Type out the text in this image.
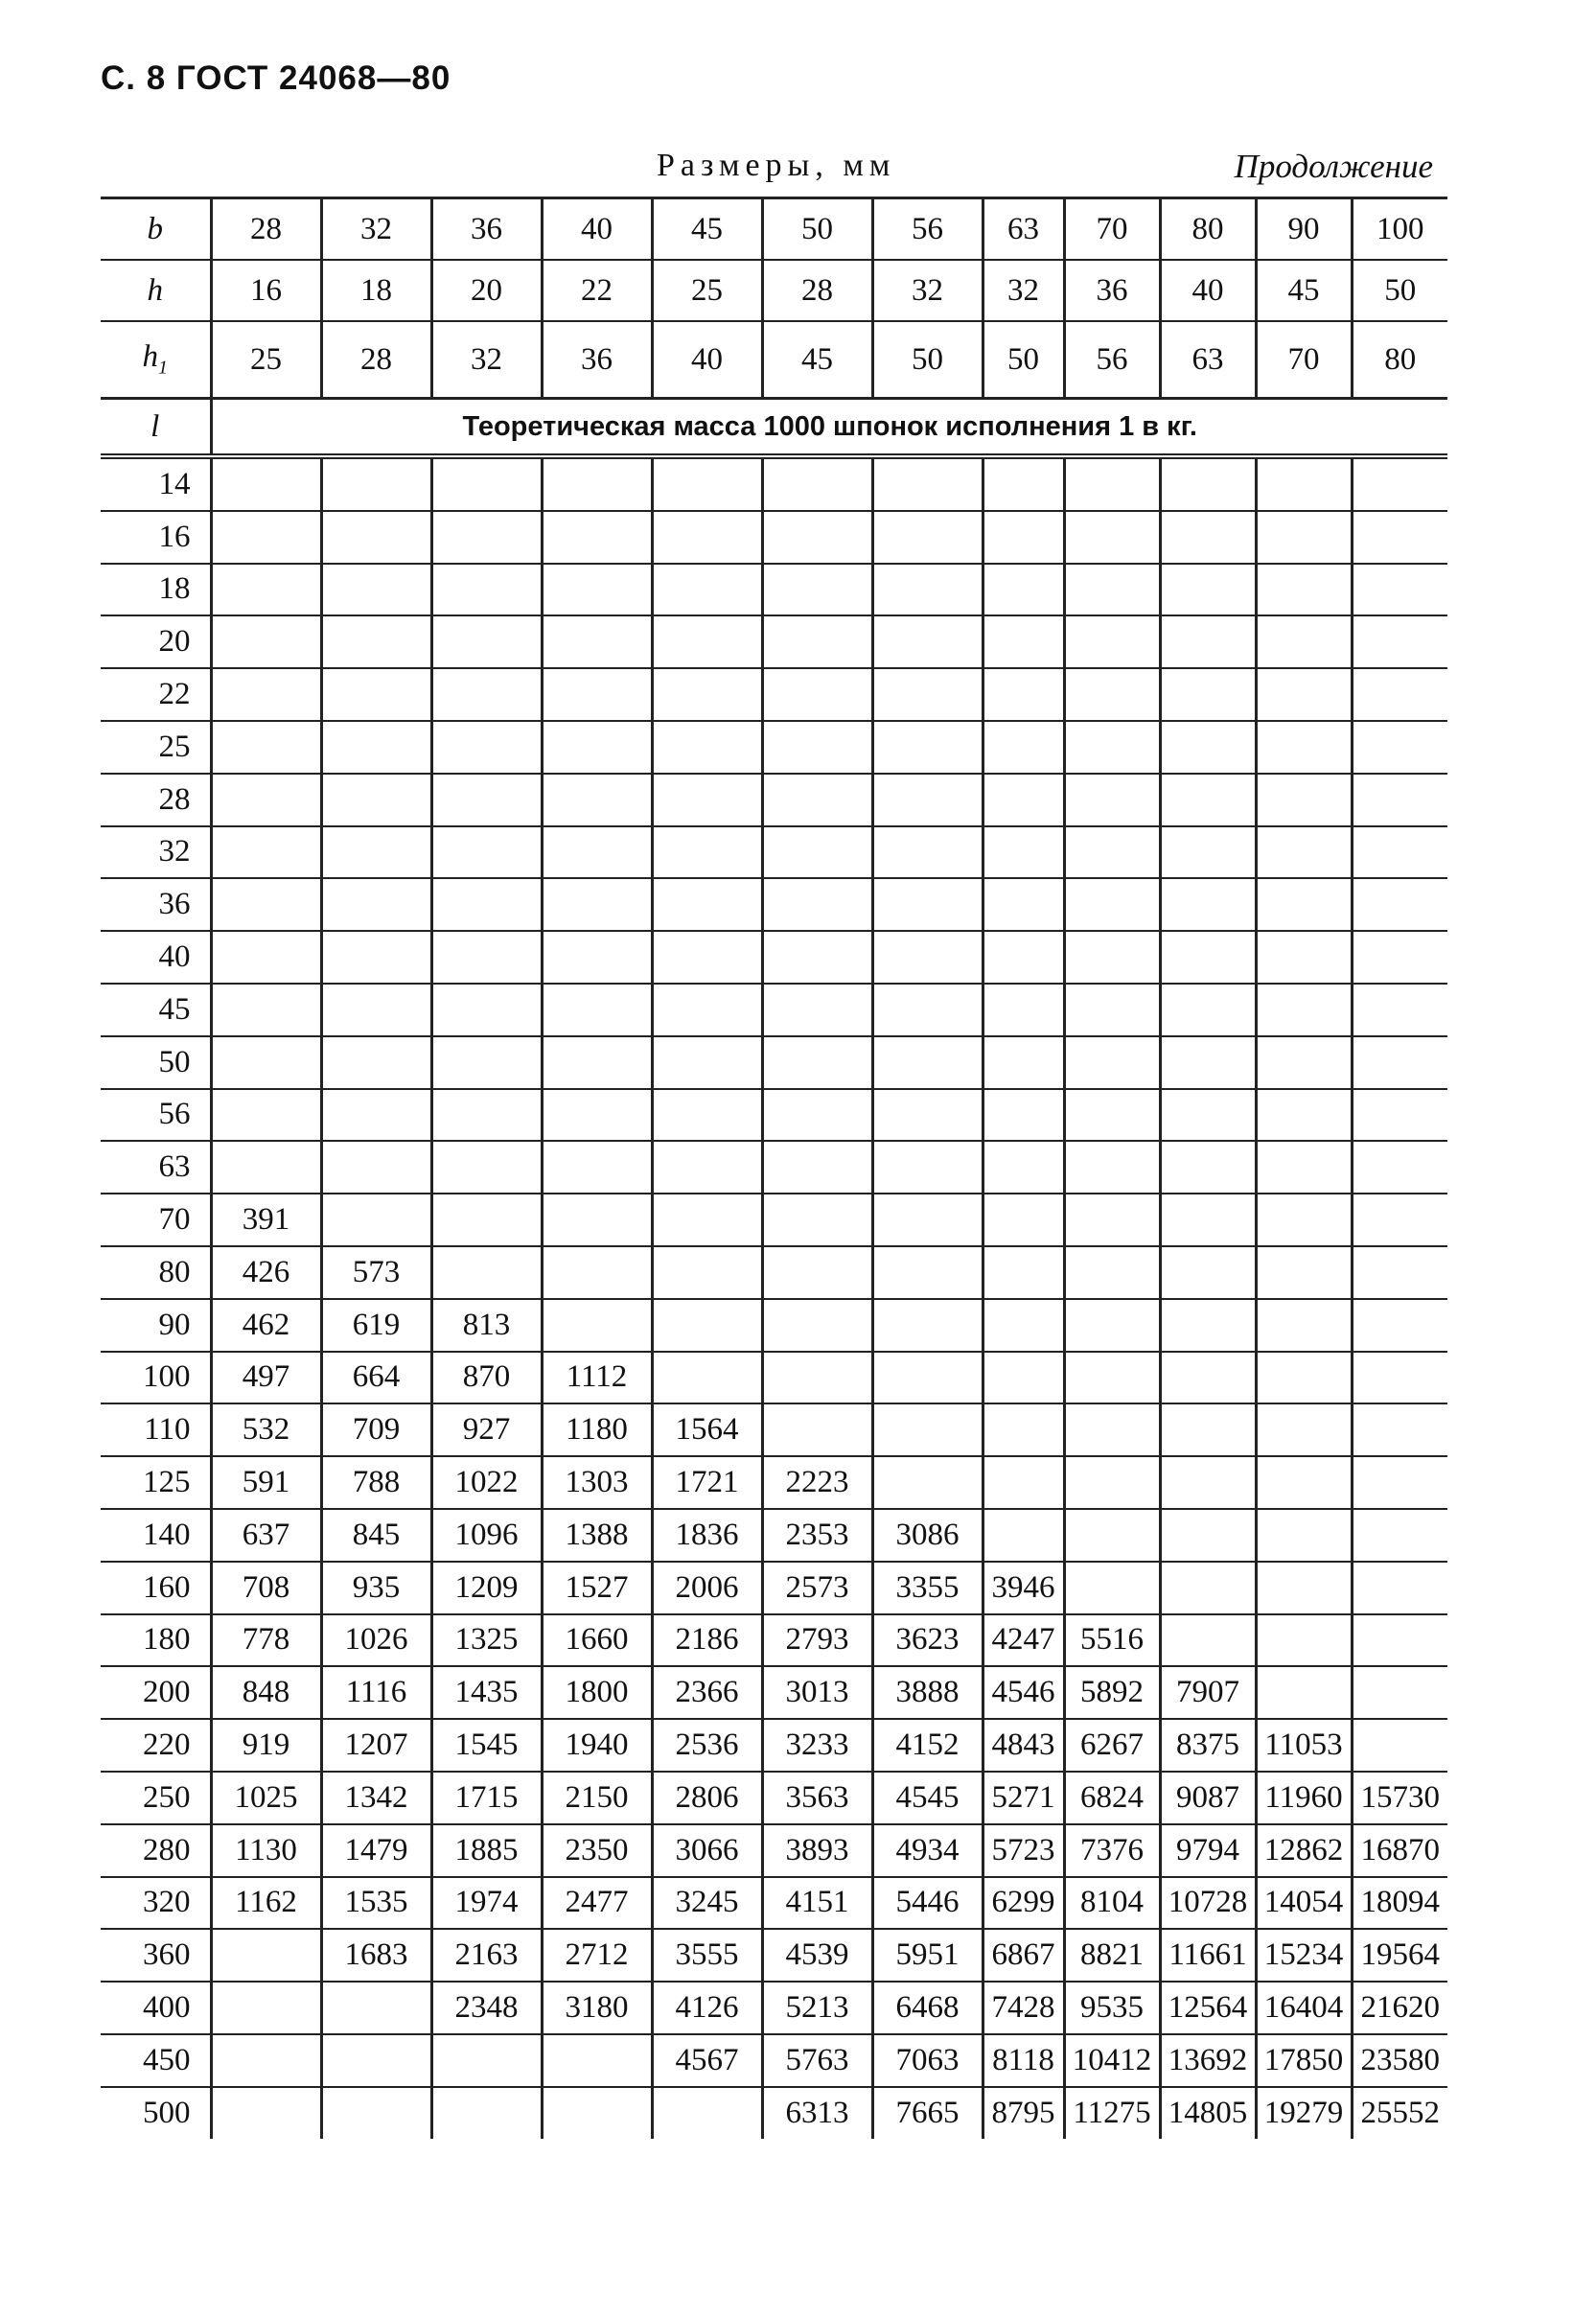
С. 8 ГОСТ 24068—80
Размеры, мм	Продолжение
b	28	32	36	40	45	50	56	63	70	80	90	100
h	16	18	20	22	25	28	32	32	36	40	45	50
$h_1$	25	28	32	36	40	45	50	50	56	63	70	80
l	Теоретическая масса 1000 шпонок исполнения 1 в кг.											
14												
16												
18												
20												
22												
25												
28												
32												
36												
40												
45												
50												
56												
63												
70	391											
80	426	573										
90	462	619	813									
100	497	664	870	1112								
110	532	709	927	1180	1564							
125	591	788	1022	1303	1721	2223						
140	637	845	1096	1388	1836	2353	3086					
160	708	935	1209	1527	2006	2573	3355	3946				
180	778	1026	1325	1660	2186	2793	3623	4247	5516			
200	848	1116	1435	1800	2366	3013	3888	4546	5892	7907		
220	919	1207	1545	1940	2536	3233	4152	4843	6267	8375	11053	
250	1025	1342	1715	2150	2806	3563	4545	5271	6824	9087	11960	15730
280	1130	1479	1885	2350	3066	3893	4934	5723	7376	9794	12862	16870
320	1162	1535	1974	2477	3245	4151	5446	6299	8104	10728	14054	18094
360		1683	2163	2712	3555	4539	5951	6867	8821	11661	15234	19564
400			2348	3180	4126	5213	6468	7428	9535	12564	16404	21620
450					4567	5763	7063	8118	10412	13692	17850	23580
500						6313	7665	8795	11275	14805	19279	25552
